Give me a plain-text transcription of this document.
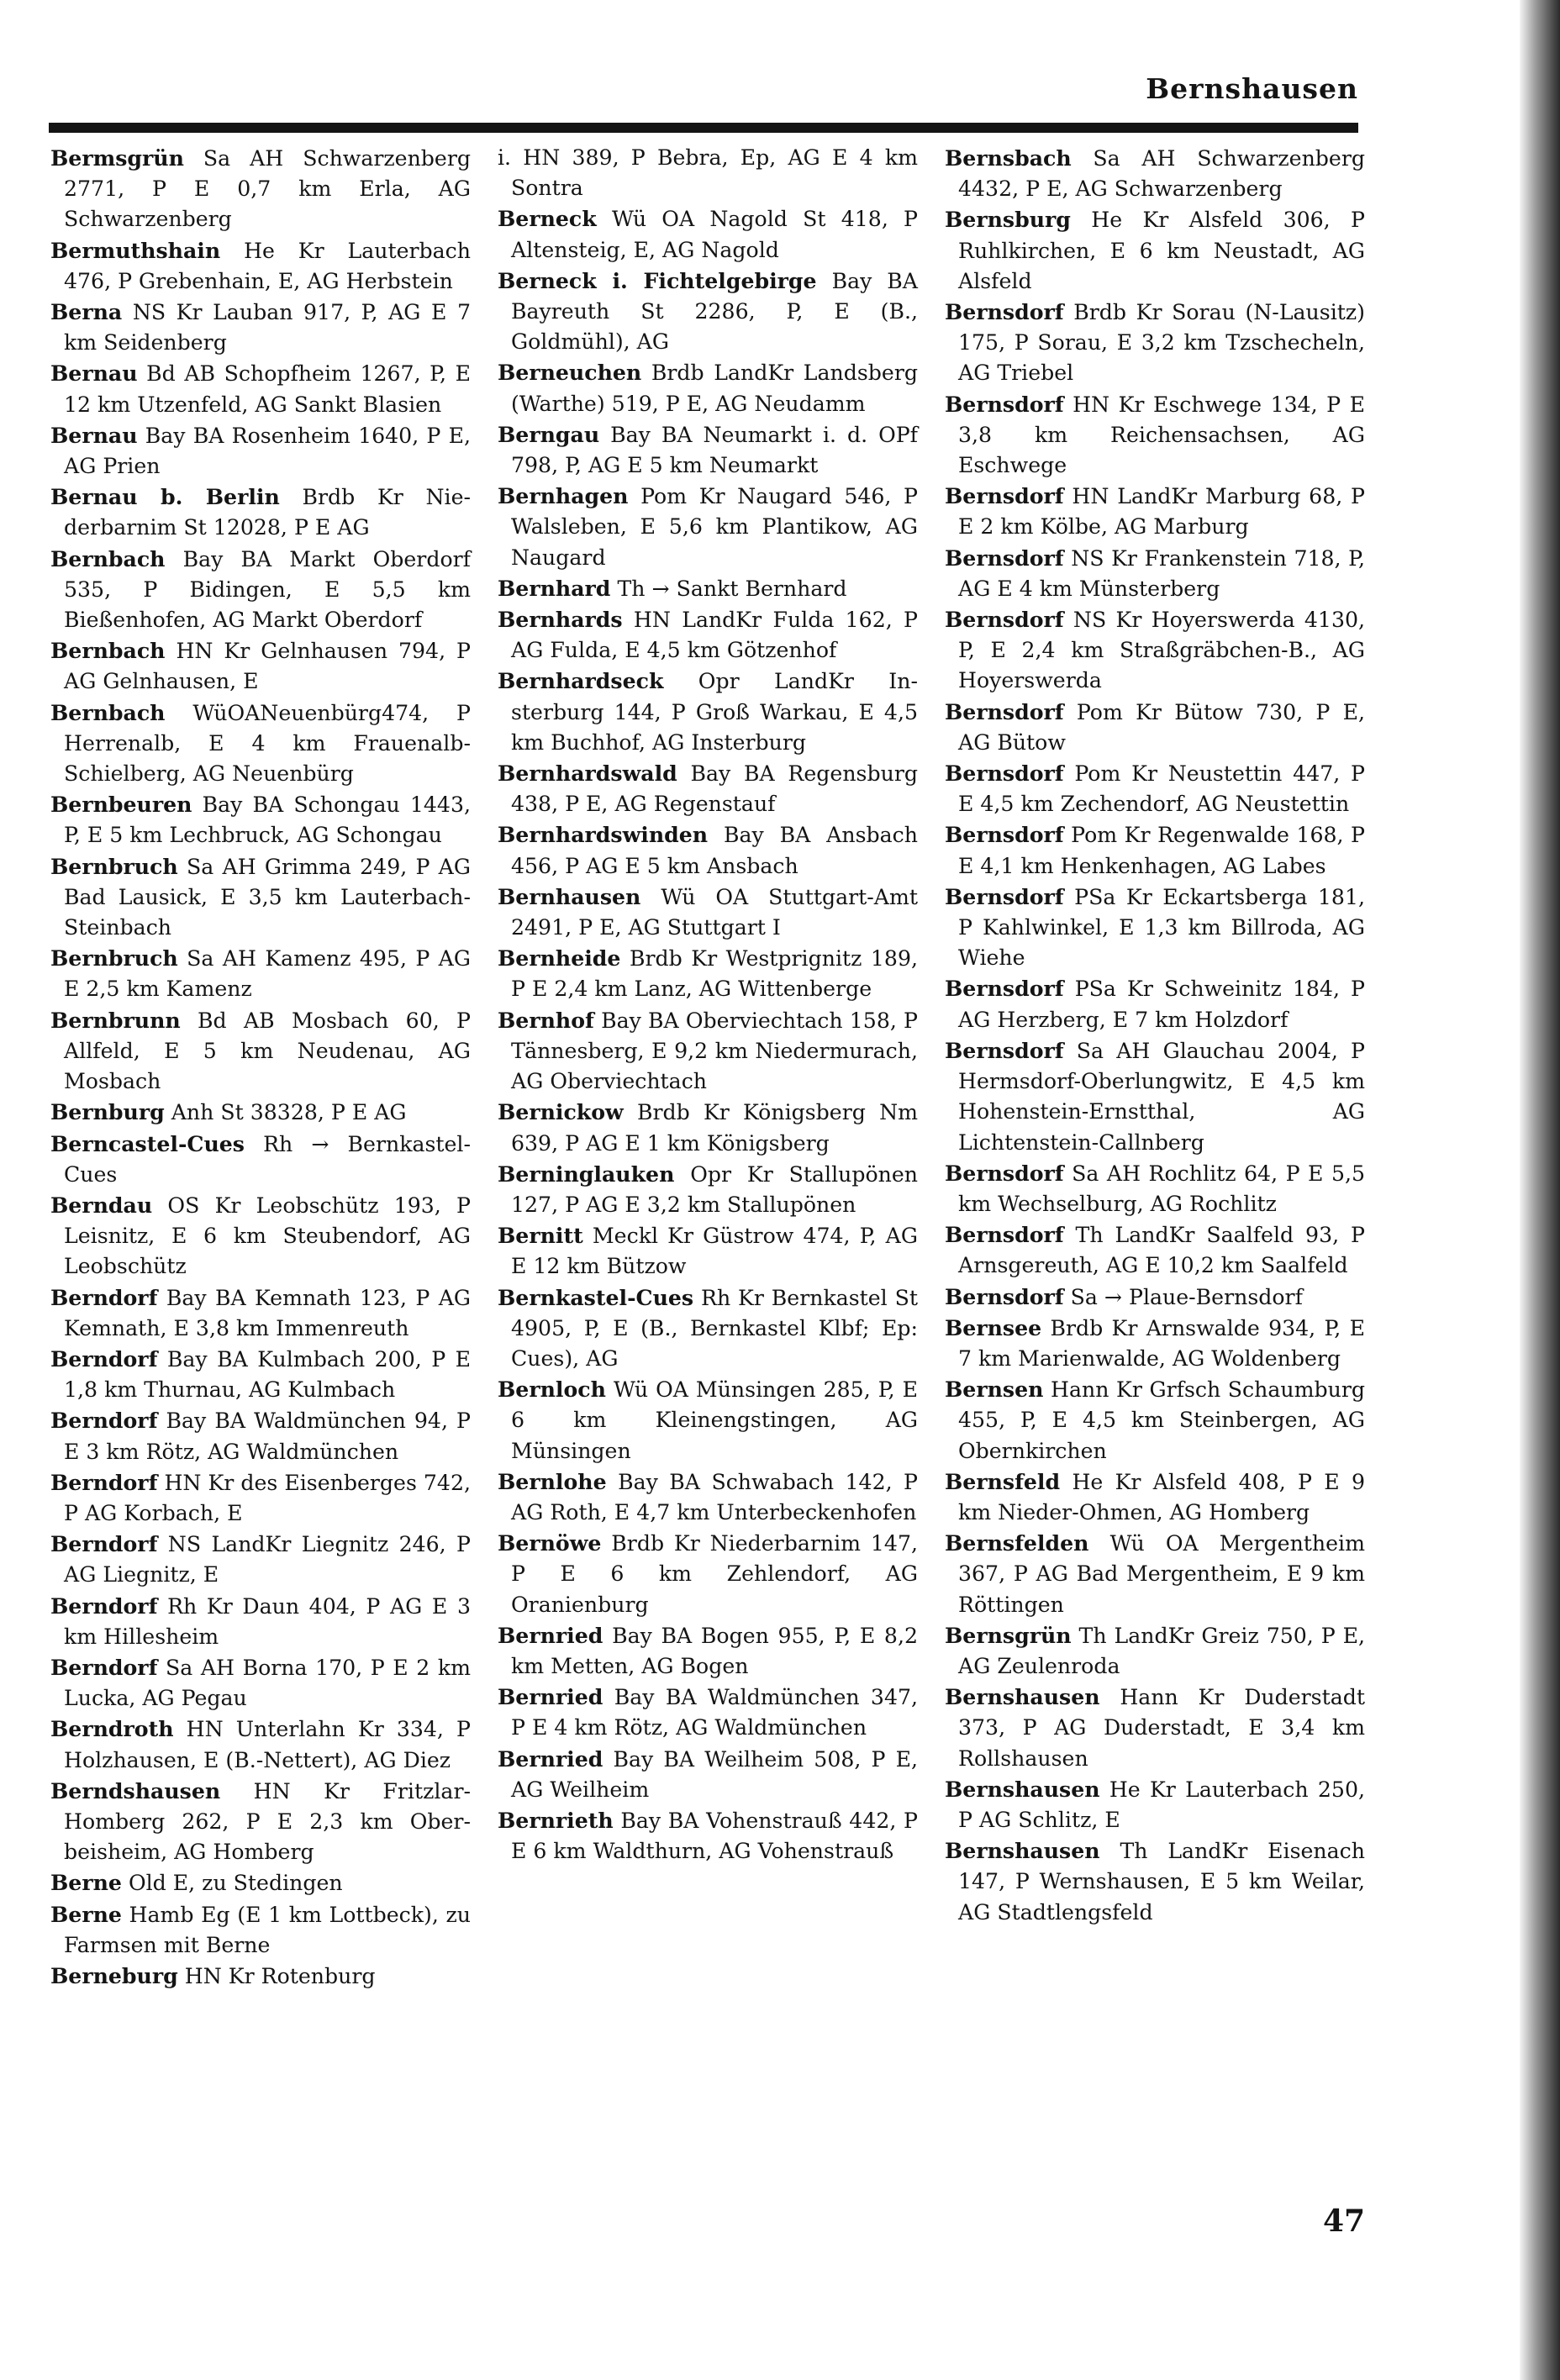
Bernshausen
Bermsgrün Sa AH Schwarzenberg 2771, P E 0,7 km Erla, AG Schwarzenberg
Bermuthshain He Kr Lauterbach 476, P Grebenhain, E, AG Herbstein
Berna NS Kr Lauban 917, P, AG E 7 km Seidenberg
Bernau Bd AB Schopfheim 1267, P, E 12 km Utzenfeld, AG Sankt Blasien
Bernau Bay BA Rosenheim 1640, P E, AG Prien
Bernau b. Berlin Brdb Kr Niederbarnim St 12028, P E AG
Bernbach Bay BA Markt Oberdorf 535, P Bidingen, E 5,5 km Bießenhofen, AG Markt Oberdorf
Bernbach HN Kr Gelnhausen 794, P AG Gelnhausen, E
Bernbach WüOANeuenbürg474, P Herrenalb, E 4 km Frauenalb-Schielberg, AG Neuenbürg
Bernbeuren Bay BA Schongau 1443, P, E 5 km Lechbruck, AG Schongau
Bernbruch Sa AH Grimma 249, P AG Bad Lausick, E 3,5 km Lauterbach-Steinbach
Bernbruch Sa AH Kamenz 495, P AG E 2,5 km Kamenz
Bernbrunn Bd AB Mosbach 60, P Allfeld, E 5 km Neudenau, AG Mosbach
Bernburg Anh St 38328, P E AG
Berncastel-Cues Rh → Bernkastel-Cues
Berndau OS Kr Leobschütz 193, P Leisnitz, E 6 km Steubendorf, AG Leobschütz
Berndorf Bay BA Kemnath 123, P AG Kemnath, E 3,8 km Immenreuth
Berndorf Bay BA Kulmbach 200, P E 1,8 km Thurnau, AG Kulmbach
Berndorf Bay BA Waldmünchen 94, P E 3 km Rötz, AG Waldmünchen
Berndorf HN Kr des Eisenberges 742, P AG Korbach, E
Berndorf NS LandKr Liegnitz 246, P AG Liegnitz, E
Berndorf Rh Kr Daun 404, P AG E 3 km Hillesheim
Berndorf Sa AH Borna 170, P E 2 km Lucka, AG Pegau
Berndroth HN Unterlahn Kr 334, P Holzhausen, E (B.-Nettert), AG Diez
Berndshausen HN Kr Fritzlar-Homberg 262, P E 2,3 km Oberbeisheim, AG Homberg
Berne Old E, zu Stedingen
Berne Hamb Eg (E 1 km Lottbeck), zu Farmsen mit Berne
Berneburg HN Kr Rotenburg
i. HN 389, P Bebra, Ep, AG E 4 km Sontra
Berneck Wü OA Nagold St 418, P Altensteig, E, AG Nagold
Berneck i. Fichtelgebirge Bay BA Bayreuth St 2286, P, E (B., Goldmühl), AG
Berneuchen Brdb LandKr Landsberg (Warthe) 519, P E, AG Neudamm
Berngau Bay BA Neumarkt i. d. OPf 798, P, AG E 5 km Neumarkt
Bernhagen Pom Kr Naugard 546, P Walsleben, E 5,6 km Plantikow, AG Naugard
Bernhard Th → Sankt Bernhard
Bernhards HN LandKr Fulda 162, P AG Fulda, E 4,5 km Götzenhof
Bernhardseck Opr LandKr Insterburg 144, P Groß Warkau, E 4,5 km Buchhof, AG Insterburg
Bernhardswald Bay BA Regensburg 438, P E, AG Regenstauf
Bernhardswinden Bay BA Ansbach 456, P AG E 5 km Ansbach
Bernhausen Wü OA Stuttgart-Amt 2491, P E, AG Stuttgart I
Bernheide Brdb Kr Westprignitz 189, P E 2,4 km Lanz, AG Wittenberge
Bernhof Bay BA Oberviechtach 158, P Tännesberg, E 9,2 km Niedermurach, AG Oberviechtach
Bernickow Brdb Kr Königsberg Nm 639, P AG E 1 km Königsberg
Berninglauken Opr Kr Stallupönen 127, P AG E 3,2 km Stallupönen
Bernitt Meckl Kr Güstrow 474, P, AG E 12 km Bützow
Bernkastel-Cues Rh Kr Bernkastel St 4905, P, E (B., Bernkastel Klbf; Ep: Cues), AG
Bernloch Wü OA Münsingen 285, P, E 6 km Kleinengstingen, AG Münsingen
Bernlohe Bay BA Schwabach 142, P AG Roth, E 4,7 km Unterbeckenhofen
Bernöwe Brdb Kr Niederbarnim 147, P E 6 km Zehlendorf, AG Oranienburg
Bernried Bay BA Bogen 955, P, E 8,2 km Metten, AG Bogen
Bernried Bay BA Waldmünchen 347, P E 4 km Rötz, AG Waldmünchen
Bernried Bay BA Weilheim 508, P E, AG Weilheim
Bernrieth Bay BA Vohenstrauß 442, P E 6 km Waldthurn, AG Vohenstrauß
Bernsbach Sa AH Schwarzenberg 4432, P E, AG Schwarzenberg
Bernsburg He Kr Alsfeld 306, P Ruhlkirchen, E 6 km Neustadt, AG Alsfeld
Bernsdorf Brdb Kr Sorau (N-Lausitz) 175, P Sorau, E 3,2 km Tzschecheln, AG Triebel
Bernsdorf HN Kr Eschwege 134, P E 3,8 km Reichensachsen, AG Eschwege
Bernsdorf HN LandKr Marburg 68, P E 2 km Kölbe, AG Marburg
Bernsdorf NS Kr Frankenstein 718, P, AG E 4 km Münsterberg
Bernsdorf NS Kr Hoyerswerda 4130, P, E 2,4 km Straßgräbchen-B., AG Hoyerswerda
Bernsdorf Pom Kr Bütow 730, P E, AG Bütow
Bernsdorf Pom Kr Neustettin 447, P E 4,5 km Zechendorf, AG Neustettin
Bernsdorf Pom Kr Regenwalde 168, P E 4,1 km Henkenhagen, AG Labes
Bernsdorf PSa Kr Eckartsberga 181, P Kahlwinkel, E 1,3 km Billroda, AG Wiehe
Bernsdorf PSa Kr Schweinitz 184, P AG Herzberg, E 7 km Holzdorf
Bernsdorf Sa AH Glauchau 2004, P Hermsdorf-Oberlungwitz, E 4,5 km Hohenstein-Ernstthal, AG Lichtenstein-Callnberg
Bernsdorf Sa AH Rochlitz 64, P E 5,5 km Wechselburg, AG Rochlitz
Bernsdorf Th LandKr Saalfeld 93, P Arnsgereuth, AG E 10,2 km Saalfeld
Bernsdorf Sa → Plaue-Bernsdorf
Bernsee Brdb Kr Arnswalde 934, P, E 7 km Marienwalde, AG Woldenberg
Bernsen Hann Kr Grfsch Schaumburg 455, P, E 4,5 km Steinbergen, AG Obernkirchen
Bernsfeld He Kr Alsfeld 408, P E 9 km Nieder-Ohmen, AG Homberg
Bernsfelden Wü OA Mergentheim 367, P AG Bad Mergentheim, E 9 km Röttingen
Bernsgrün Th LandKr Greiz 750, P E, AG Zeulenroda
Bernshausen Hann Kr Duderstadt 373, P AG Duderstadt, E 3,4 km Rollshausen
Bernshausen He Kr Lauterbach 250, P AG Schlitz, E
Bernshausen Th LandKr Eisenach 147, P Wernshausen, E 5 km Weilar, AG Stadtlengsfeld
47
